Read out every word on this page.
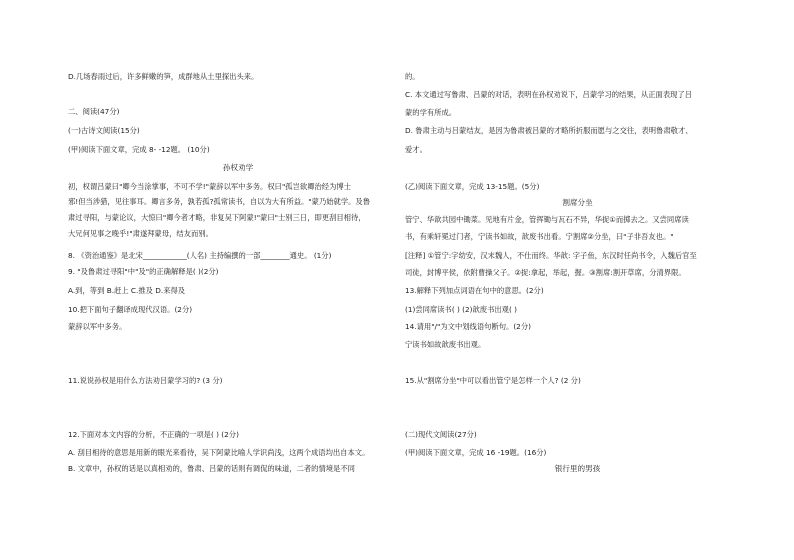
D.几场春雨过后，许多鲜嫩的笋，成群地从土里探出头来。
二、阅读(47分)
(一)古诗文阅读(15分)
(甲)阅读下面文章，完成 8- -12题。 (10分)
孙权劝学
初，权谓吕蒙曰"卿今当涂掌事，不可不学!"蒙辞以军中多务。权曰"孤岂欲卿治经为博士
邪!但当涉猎，见往事耳。卿言多务，孰若孤?孤常读书，自以为大有所益。"蒙乃始就学。及鲁
肃过寻阳，与蒙论议，大惊曰"卿今者才略，非复吴下阿蒙!"蒙曰"士别三日，即更刮目相待，
大兄何见事之晚乎!"肃遂拜蒙母，结友而别。
8. 《资治通鉴》是北宋____________(人名) 主持编撰的一部________通史。 (1分)
9. "及鲁肃过寻阳"中"及"的正确解释是( )(2分)
A.到，等到 B.赶上 C.推及 D.来得及
10.把下面句子翻译成现代汉语。(2分)
蒙辞以军中多务。
11.说说孙权是用什么方法劝吕蒙学习的? (3 分)
12.下面对本文内容的分析，不正确的一项是( ) (2分)
A. 刮目相待的意思是用新的眼光来看待，吴下阿蒙比喻人学识尚浅，这两个成语均出自本文。
B. 文章中，孙权的话是以真相劝的，鲁肃、吕蒙的话则有调侃的味道，二者的情境是不同
的。
C. 本文通过写鲁肃、吕蒙的对话，表明在孙权劝说下，吕蒙学习的结果，从正面表现了吕
蒙的学有所成。
D. 鲁肃主动与吕蒙结友，是因为鲁肃被吕蒙的才略所折服而愿与之交往，表明鲁肃敬才、
爱才。
(乙)阅读下面文章，完成 13-15题。(5分)
割席分坐
管宁、华歆共园中锄菜。见地有片金，管挥锄与瓦石不异，华捉①而掷去之。又尝同席读
书，有乘轩冕过门者，宁读书如故，歆废书出看。宁割席②分坐，曰"子非吾友也。"
[注释] ①管宁:字幼安，汉末魏人，不仕而终。华歆: 字子鱼，东汉时任尚书令，入魏后官至
司徒，封博平侯，依附曹操父子。②捉:拿起，举起，握。③割席:割开草席，分清界限。
13.解释下列加点词语在句中的意思。(2分)
(1)尝同席读书( ) (2)歆废书出观( )
14.请用"/"为文中划线语句断句。(2分)
宁读书如故歆废书出观。
15.从"割席分坐"中可以看出管宁是怎样一个人? (2 分)
(二)现代文阅读(27分)
(甲)阅读下面文章，完成 16 -19题。(16分)
银行里的男孩
